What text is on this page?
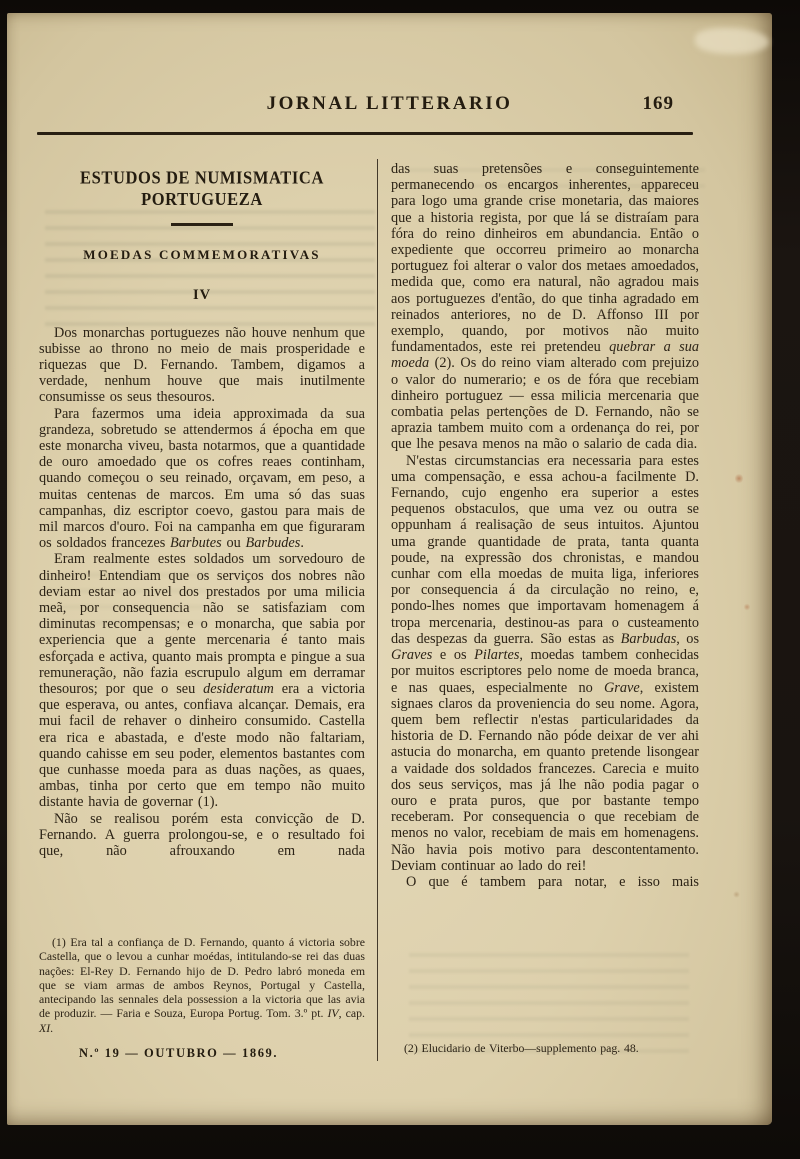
JORNAL LITTERARIO	169
ESTUDOS DE NUMISMATICA PORTUGUEZA
MOEDAS COMMEMORATIVAS
IV

Dos monarchas portuguezes não houve nenhum que subisse ao throno no meio de mais prosperidade e riquezas que D. Fernando. Tambem, digamos a verdade, nenhum houve que mais inutilmente consumisse os seus thesouros.

Para fazermos uma ideia approximada da sua grandeza, sobretudo se attendermos á épocha em que este monarcha viveu, basta notarmos, que a quantidade de ouro amoedado que os cofres reaes continham, quando começou o seu reinado, orçavam, em peso, a muitas centenas de marcos. Em uma só das suas campanhas, diz escriptor coevo, gastou para mais de mil marcos d'ouro. Foi na campanha em que figuraram os soldados francezes Barbutes ou Barbudes.

Eram realmente estes soldados um sorvedouro de dinheiro! Entendiam que os serviços dos nobres não deviam estar ao nivel dos prestados por uma milicia meã, por consequencia não se satisfaziam com diminutas recompensas; e o monarcha, que sabia por experiencia que a gente mercenaria é tanto mais esforçada e activa, quanto mais prompta e pingue a sua remuneração, não fazia escrupulo algum em derramar thesouros; por que o seu desideratum era a victoria que esperava, ou antes, confiava alcançar. Demais, era mui facil de rehaver o dinheiro consumido. Castella era rica e abastada, e d'este modo não faltariam, quando cahisse em seu poder, elementos bastantes com que cunhasse moeda para as duas nações, as quaes, ambas, tinha por certo que em tempo não muito distante havia de governar (1).

Não se realisou porém esta convicção de D. Fernando. A guerra prolongou-se, e o resultado foi que, não afrouxando em nada

(1) Era tal a confiança de D. Fernando, quanto á victoria sobre Castella, que o levou a cunhar moédas, intitulando-se rei das duas nações: El-Rey D. Fernando hijo de D. Pedro labró moneda em que se viam armas de ambos Reynos, Portugal y Castella, antecipando las sennales dela possession a la victoria que las avia de produzir. — Faria e Souza, Europa Portug. Tom. 3.º pt. IV, cap. XI.

N.º 19 — OUTUBRO — 1869.

das suas pretensões e conseguintemente permanecendo os encargos inherentes, appareceu para logo uma grande crise monetaria, das maiores que a historia regista, por que lá se distraíam para fóra do reino dinheiros em abundancia. Então o expediente que occorreu primeiro ao monarcha portuguez foi alterar o valor dos metaes amoedados, medida que, como era natural, não agradou mais aos portuguezes d'então, do que tinha agradado em reinados anteriores, no de D. Affonso III por exemplo, quando, por motivos não muito fundamentados, este rei pretendeu quebrar a sua moeda (2). Os do reino viam alterado com prejuizo o valor do numerario; e os de fóra que recebiam dinheiro portuguez — essa milicia mercenaria que combatia pelas pertenções de D. Fernando, não se aprazia tambem muito com a ordenança do rei, por que lhe pesava menos na mão o salario de cada dia.

N'estas circumstancias era necessaria para estes uma compensação, e essa achou-a facilmente D. Fernando, cujo engenho era superior a estes pequenos obstaculos, que uma vez ou outra se oppunham á realisação de seus intuitos. Ajuntou uma grande quantidade de prata, tanta quanta poude, na expressão dos chronistas, e mandou cunhar com ella moedas de muita liga, inferiores por consequencia á da circulação no reino, e, pondo-lhes nomes que importavam homenagem á tropa mercenaria, destinou-as para o custeamento das despezas da guerra. São estas as Barbudas, os Graves e os Pilartes, moedas tambem conhecidas por muitos escriptores pelo nome de moeda branca, e nas quaes, especialmente no Grave, existem signaes claros da proveniencia do seu nome. Agora, quem bem reflectir n'estas particularidades da historia de D. Fernando não póde deixar de ver ahi astucia do monarcha, em quanto pretende lisongear a vaidade dos soldados francezes. Carecia e muito dos seus serviços, mas já lhe não podia pagar o ouro e prata puros, que por bastante tempo receberam. Por consequencia o que recebiam de menos no valor, recebiam de mais em homenagens. Não havia pois motivo para descontentamento. Deviam continuar ao lado do rei!

O que é tambem para notar, e isso mais

(2) Elucidario de Viterbo—supplemento pag. 48.
